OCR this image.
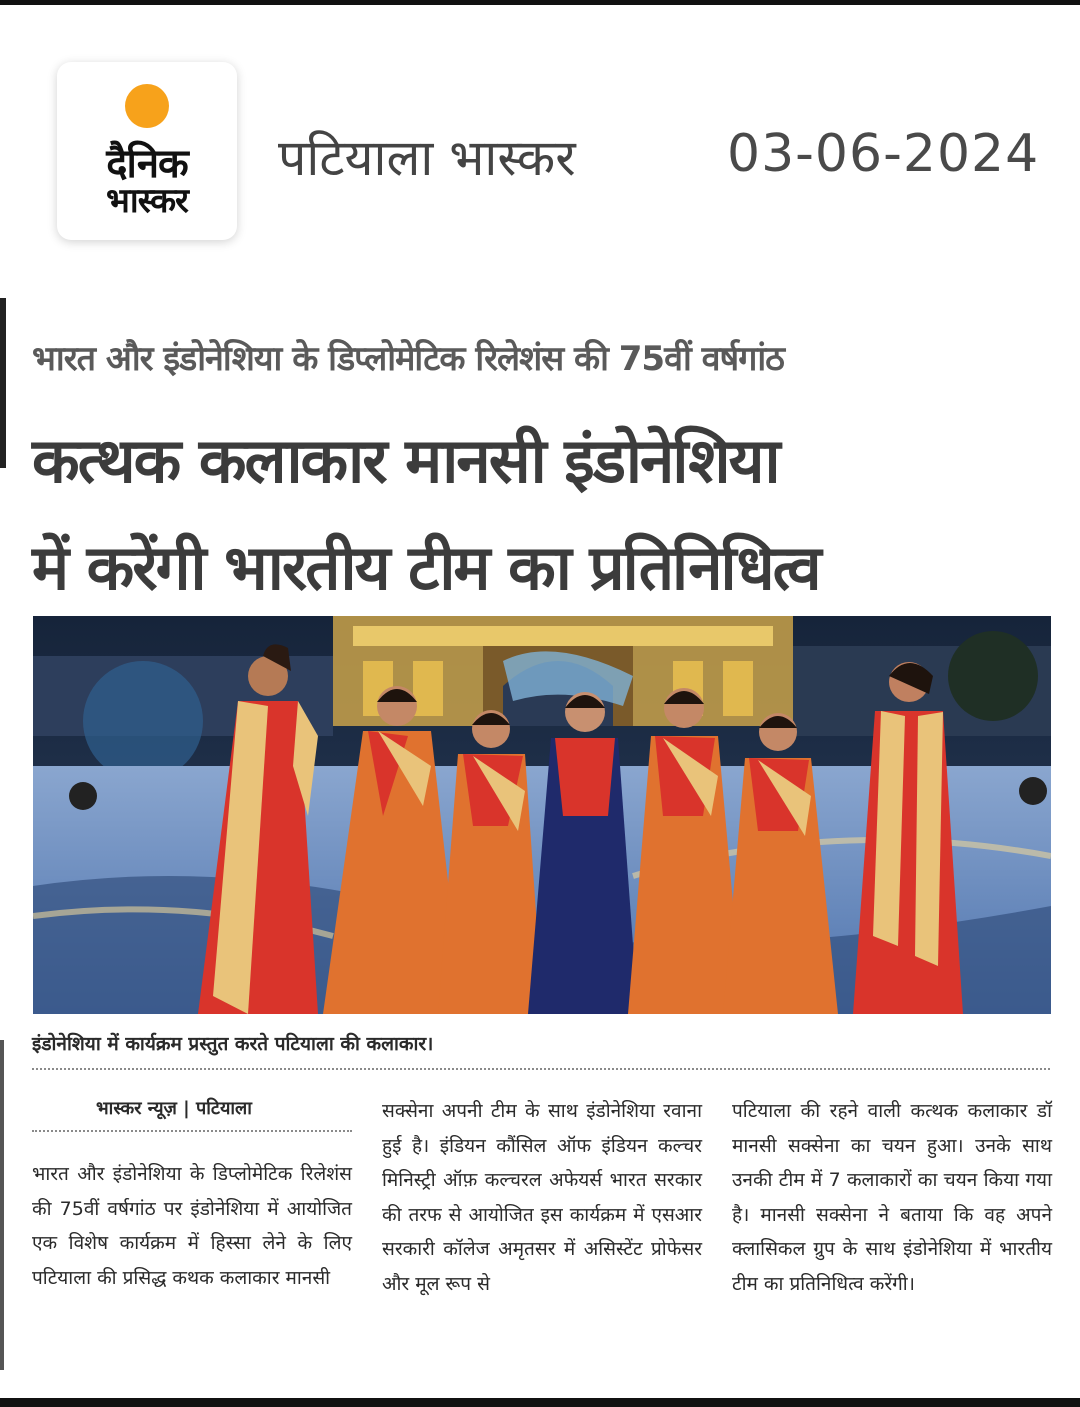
दैनिक
भास्कर
पटियाला भास्कर	03-06-2024
भारत और इंडोनेशिया के डिप्लोमेटिक रिलेशंस की 75वीं वर्षगांठ
कत्थक कलाकार मानसी इंडोनेशिया
में करेंगी भारतीय टीम का प्रतिनिधित्व
इंडोनेशिया में कार्यक्रम प्रस्तुत करते पटियाला की कलाकार।
भास्कर न्यूज़ | पटियाला

भारत और इंडोनेशिया के डिप्लोमेटिक रिलेशंस की 75वीं वर्षगांठ पर इंडोनेशिया में आयोजित एक विशेष कार्यक्रम में हिस्सा लेने के लिए पटियाला की प्रसिद्ध कथक कलाकार मानसी

सक्सेना अपनी टीम के साथ इंडोनेशिया रवाना हुई है। इंडियन कौंसिल ऑफ इंडियन कल्चर मिनिस्ट्री ऑफ़ कल्चरल अफेयर्स भारत सरकार की तरफ से आयोजित इस कार्यक्रम में एसआर सरकारी कॉलेज अमृतसर में असिस्टेंट प्रोफेसर और मूल रूप से

पटियाला की रहने वाली कत्थक कलाकार डॉ मानसी सक्सेना का चयन हुआ। उनके साथ उनकी टीम में 7 कलाकारों का चयन किया गया है। मानसी सक्सेना ने बताया कि वह अपने क्लासिकल ग्रुप के साथ इंडोनेशिया में भारतीय टीम का प्रतिनिधित्व करेंगी।
